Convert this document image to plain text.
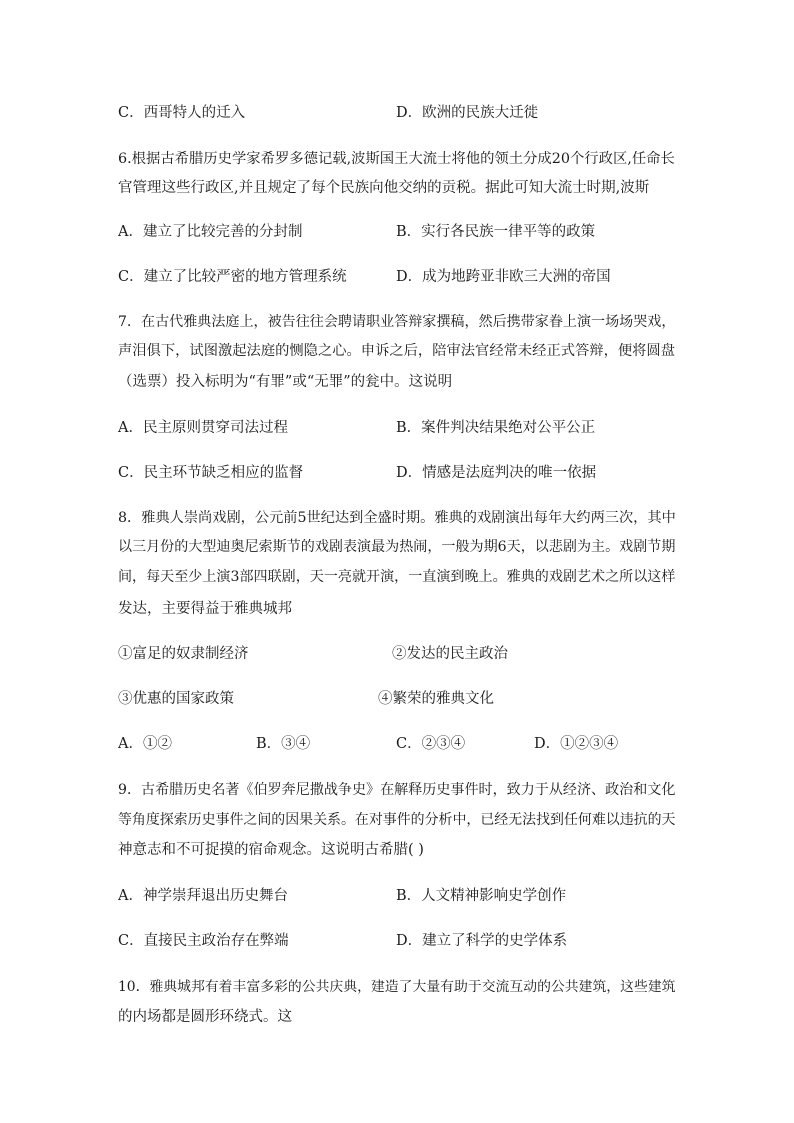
C．西哥特人的迁入	D．欧洲的民族大迁徙
6.根据古希腊历史学家希罗多德记载,波斯国王大流士将他的领土分成20个行政区,任命长
官管理这些行政区,并且规定了每个民族向他交纳的贡税。据此可知大流士时期,波斯
A．建立了比较完善的分封制	B．实行各民族一律平等的政策
C．建立了比较严密的地方管理系统	D．成为地跨亚非欧三大洲的帝国
7．在古代雅典法庭上，被告往往会聘请职业答辩家撰稿，然后携带家眷上演一场场哭戏，
声泪俱下，试图激起法庭的恻隐之心。申诉之后，陪审法官经常未经正式答辩，便将圆盘
（选票）投入标明为“有罪”或“无罪”的瓮中。这说明
A．民主原则贯穿司法过程	B．案件判决结果绝对公平公正
C．民主环节缺乏相应的监督	D．情感是法庭判决的唯一依据
8．雅典人崇尚戏剧，公元前5世纪达到全盛时期。雅典的戏剧演出每年大约两三次，其中
以三月份的大型迪奥尼索斯节的戏剧表演最为热闹，一般为期6天，以悲剧为主。戏剧节期
间，每天至少上演3部四联剧，天一亮就开演，一直演到晚上。雅典的戏剧艺术之所以这样
发达，主要得益于雅典城邦
①富足的奴隶制经济	②发达的民主政治
③优惠的国家政策	④繁荣的雅典文化
A．①②	B．③④	C．②③④	D．①②③④
9．古希腊历史名著《伯罗奔尼撒战争史》在解释历史事件时，致力于从经济、政治和文化
等角度探索历史事件之间的因果关系。在对事件的分析中，已经无法找到任何难以违抗的天
神意志和不可捉摸的宿命观念。这说明古希腊( )
A．神学崇拜退出历史舞台	B．人文精神影响史学创作
C．直接民主政治存在弊端	D．建立了科学的史学体系
10．雅典城邦有着丰富多彩的公共庆典，建造了大量有助于交流互动的公共建筑，这些建筑
的内场都是圆形环绕式。这
